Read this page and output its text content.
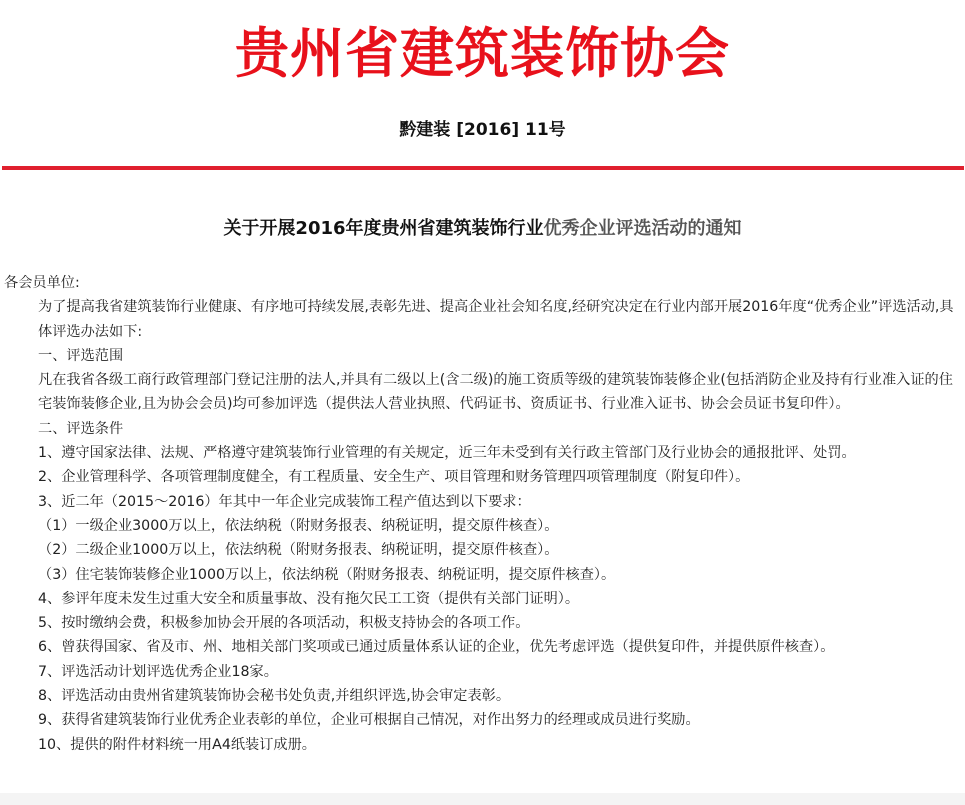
贵州省建筑装饰协会
黔建装 [2016] 11号
关于开展2016年度贵州省建筑装饰行业优秀企业评选活动的通知

各会员单位:

为了提高我省建筑装饰行业健康、有序地可持续发展,表彰先进、提高企业社会知名度,经研究决定在行业内部开展2016年度“优秀企业”评选活动,具体评选办法如下:

一、评选范围

凡在我省各级工商行政管理部门登记注册的法人,并具有二级以上(含二级)的施工资质等级的建筑装饰装修企业(包括消防企业及持有行业准入证的住宅装饰装修企业,且为协会会员)均可参加评选（提供法人营业执照、代码证书、资质证书、行业准入证书、协会会员证书复印件）。

二、评选条件

1、遵守国家法律、法规、严格遵守建筑装饰行业管理的有关规定，近三年未受到有关行政主管部门及行业协会的通报批评、处罚。

2、企业管理科学、各项管理制度健全，有工程质量、安全生产、项目管理和财务管理四项管理制度（附复印件）。

3、近二年（2015～2016）年其中一年企业完成装饰工程产值达到以下要求：

（1）一级企业3000万以上，依法纳税（附财务报表、纳税证明，提交原件核查）。

（2）二级企业1000万以上，依法纳税（附财务报表、纳税证明，提交原件核查）。

（3）住宅装饰装修企业1000万以上，依法纳税（附财务报表、纳税证明，提交原件核查）。

4、参评年度未发生过重大安全和质量事故、没有拖欠民工工资（提供有关部门证明）。

5、按时缴纳会费，积极参加协会开展的各项活动，积极支持协会的各项工作。

6、曾获得国家、省及市、州、地相关部门奖项或已通过质量体系认证的企业，优先考虑评选（提供复印件，并提供原件核查）。

7、评选活动计划评选优秀企业18家。

8、评选活动由贵州省建筑装饰协会秘书处负责,并组织评选,协会审定表彰。

9、获得省建筑装饰行业优秀企业表彰的单位，企业可根据自己情况，对作出努力的经理或成员进行奖励。

10、提供的附件材料统一用A4纸装订成册。
